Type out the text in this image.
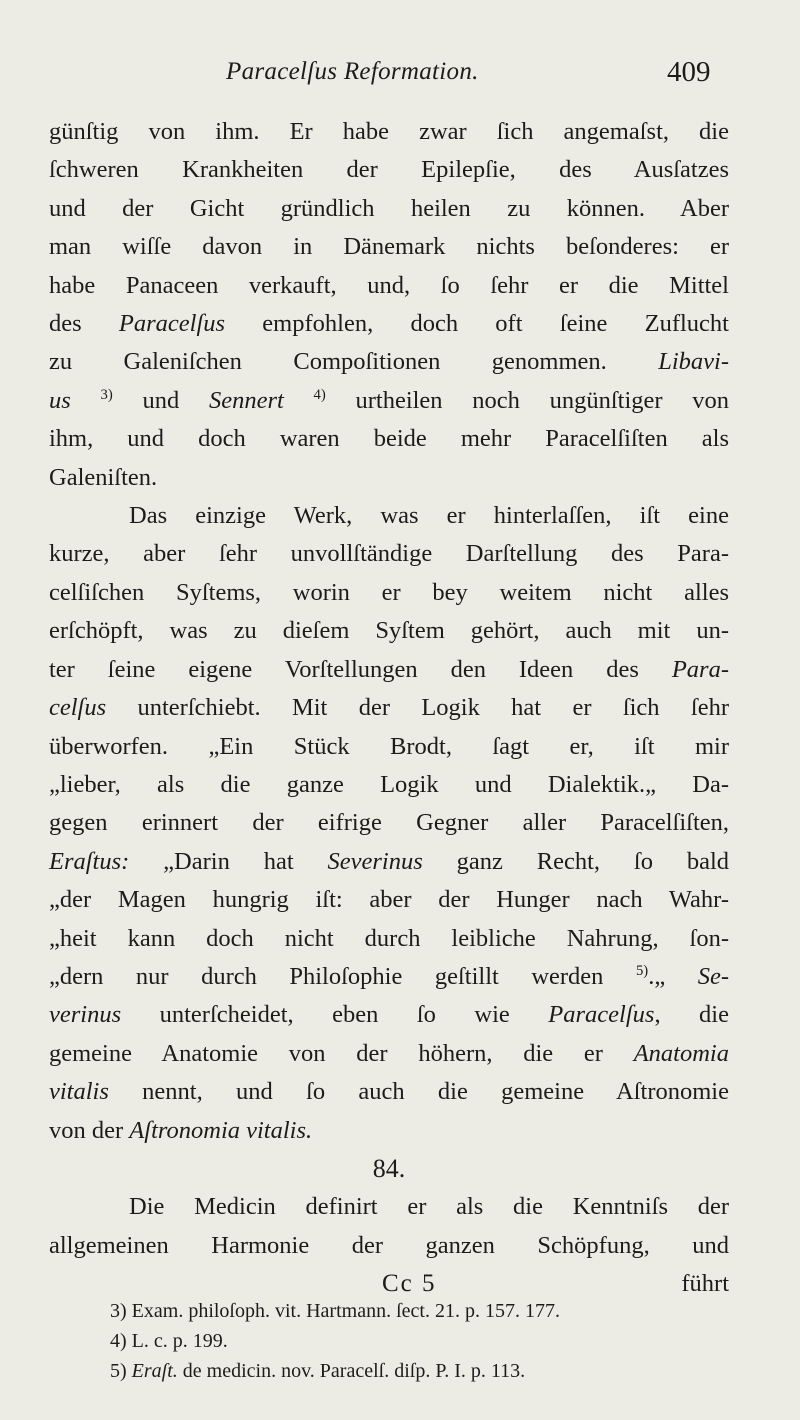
Paracelſus Reformation.	409
günſtig von ihm. Er habe zwar ſich angemaſst, die
ſchweren Krankheiten der Epilepſie, des Ausſatzes
und der Gicht gründlich heilen zu können. Aber
man wiſſe davon in Dänemark nichts beſonderes: er
habe Panaceen verkauft, und, ſo ſehr er die Mittel
des Paracelſus empfohlen, doch oft ſeine Zuflucht
zu Galeniſchen Compoſitionen genommen. Libavi-
us $^{3)}$ und Sennert $^{4)}$ urtheilen noch ungünſtiger von
ihm, und doch waren beide mehr Paracelſiſten als
Galeniſten.
Das einzige Werk, was er hinterlaſſen, iſt eine
kurze, aber ſehr unvollſtändige Darſtellung des Para-
celſiſchen Syſtems, worin er bey weitem nicht alles
erſchöpft, was zu dieſem Syſtem gehört, auch mit un-
ter ſeine eigene Vorſtellungen den Ideen des Para-
celſus unterſchiebt. Mit der Logik hat er ſich ſehr
überworfen. „Ein Stück Brodt, ſagt er, iſt mir
„lieber, als die ganze Logik und Dialektik.„ Da-
gegen erinnert der eifrige Gegner aller Paracelſiſten,
Eraſtus: „Darin hat Severinus ganz Recht, ſo bald
„der Magen hungrig iſt: aber der Hunger nach Wahr-
„heit kann doch nicht durch leibliche Nahrung, ſon-
„dern nur durch Philoſophie geſtillt werden $^{5)}$.„ Se-
verinus unterſcheidet, eben ſo wie Paracelſus, die
gemeine Anatomie von der höhern, die er Anatomia
vitalis nennt, und ſo auch die gemeine Aſtronomie
von der Aſtronomia vitalis.
84.
Die Medicin definirt er als die Kenntniſs der
allgemeinen Harmonie der ganzen Schöpfung, und
Cc 5	führt
3) Exam. philoſoph. vit. Hartmann. ſect. 21. p. 157. 177.
4) L. c. p. 199.
5) Eraſt. de medicin. nov. Paracelſ. diſp. P. I. p. 113.
